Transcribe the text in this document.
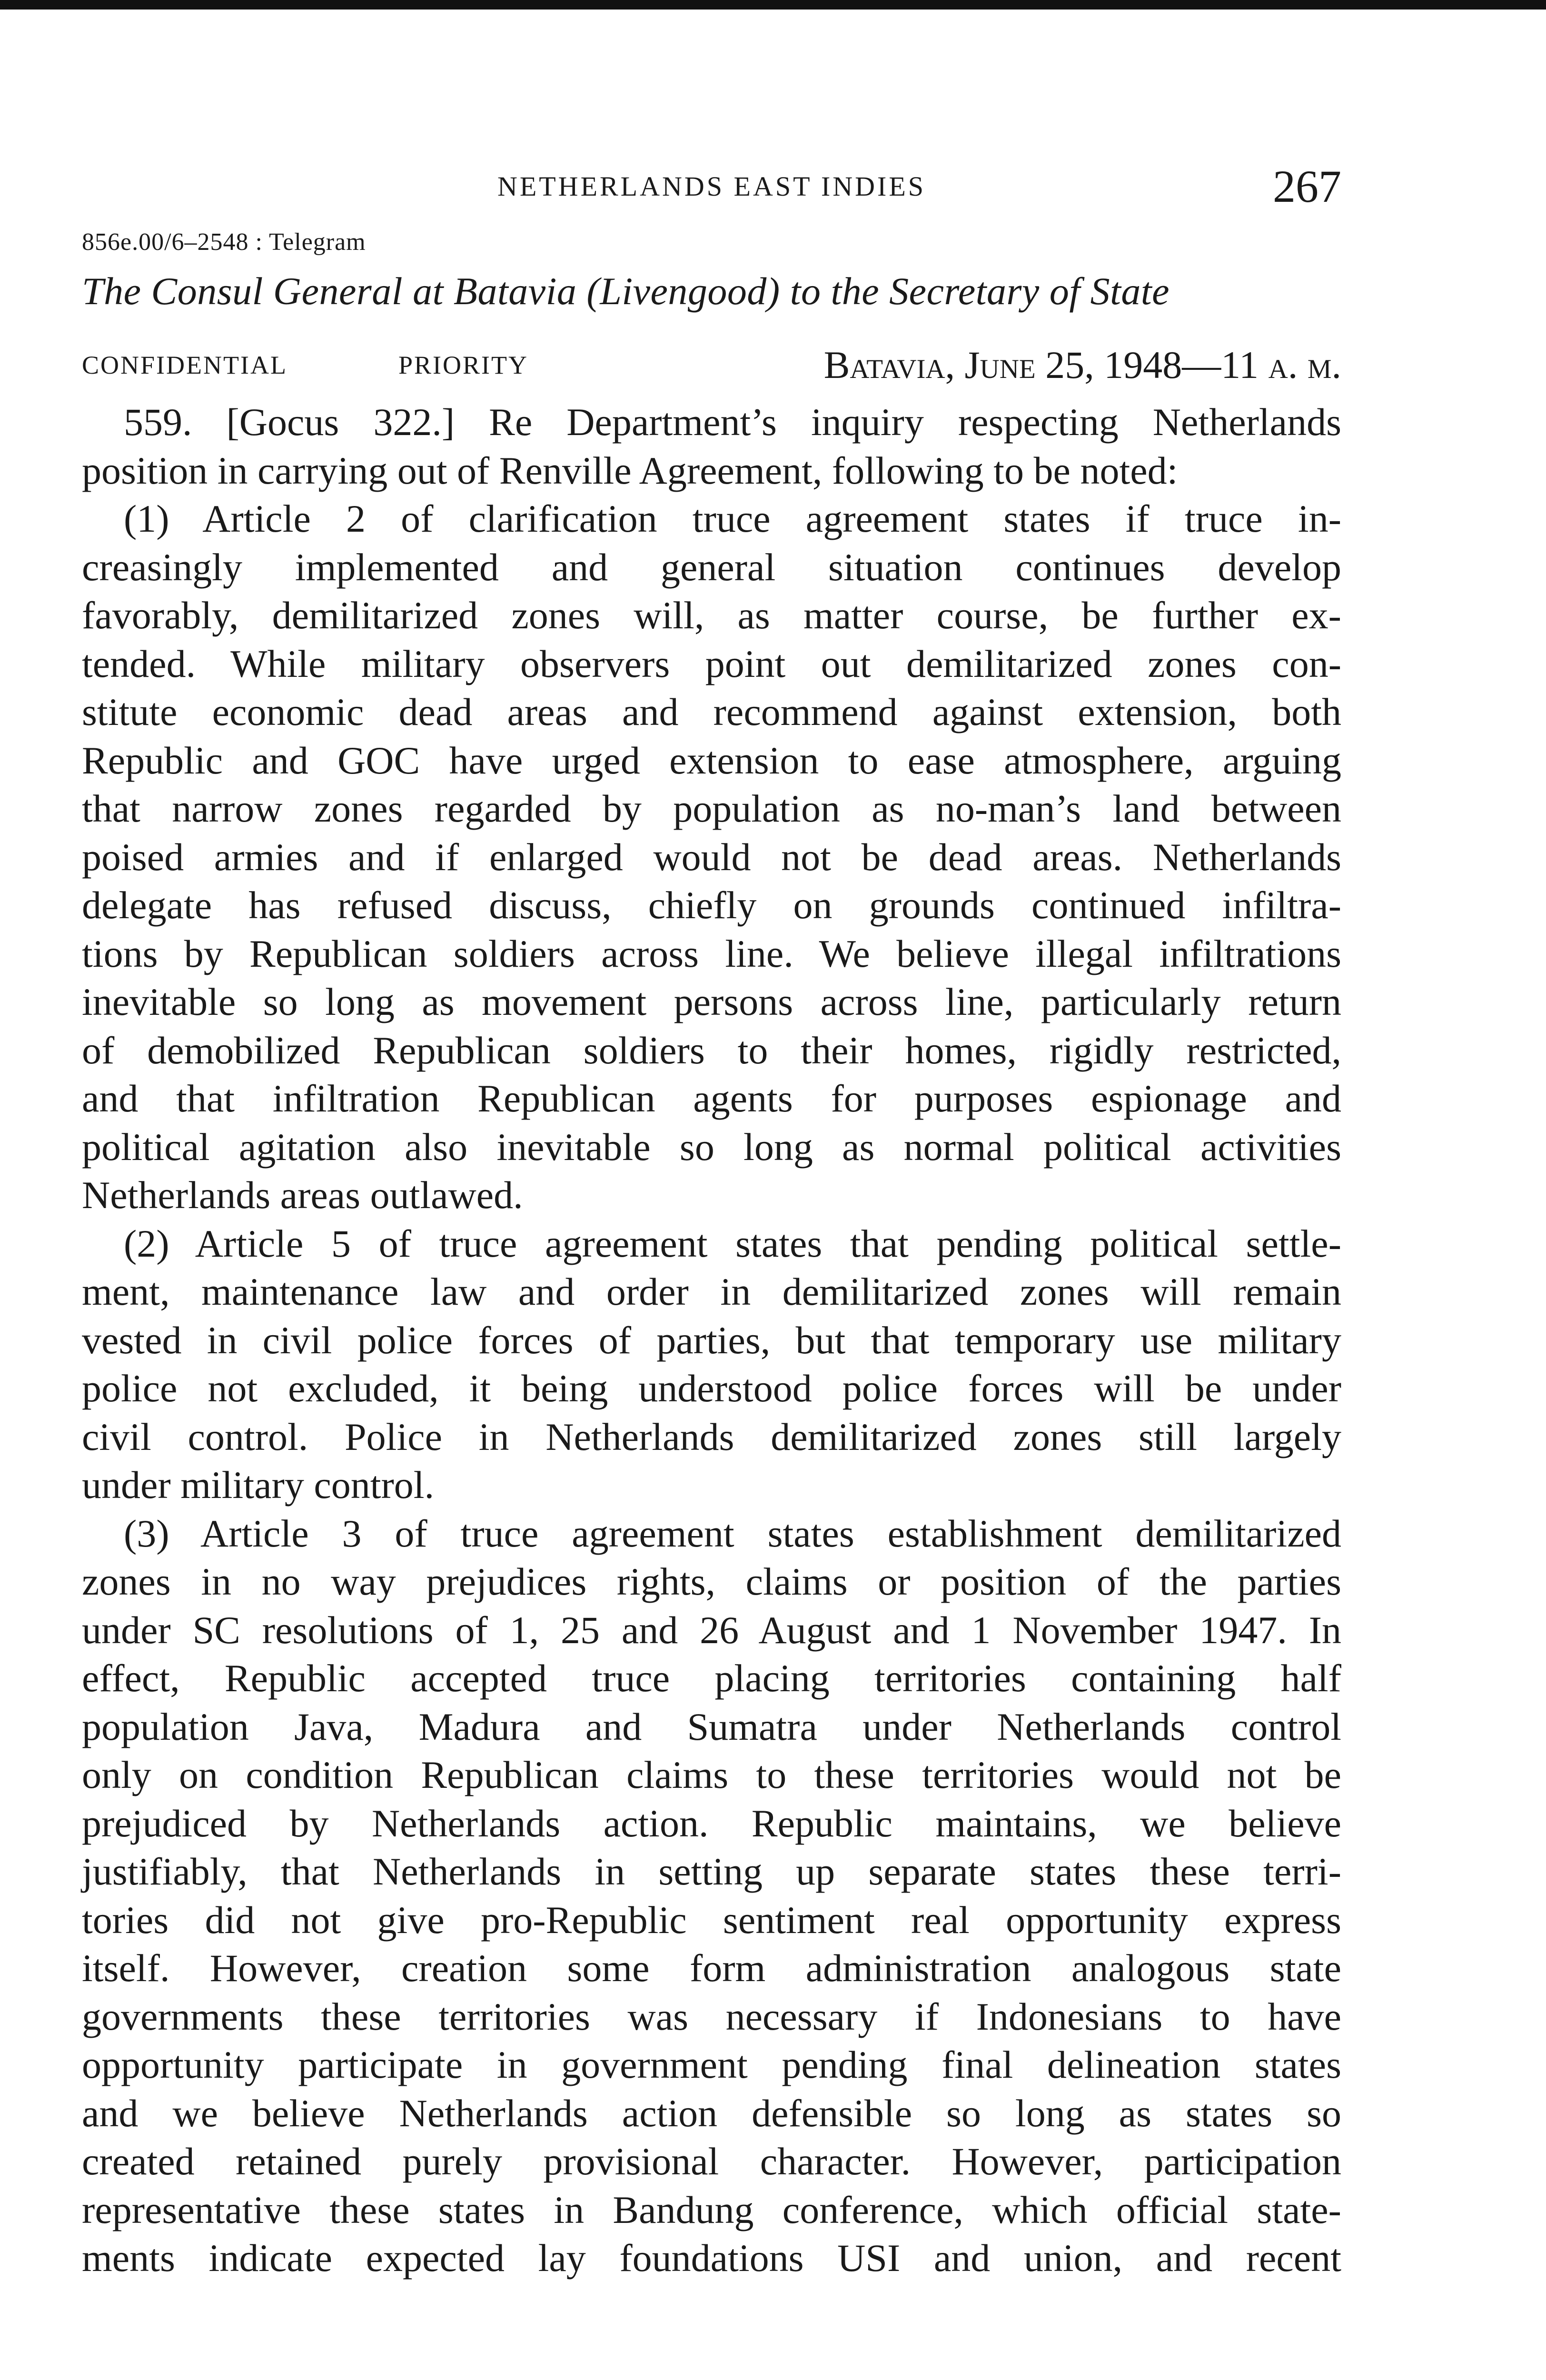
NETHERLANDS EAST INDIES	267
856e.00/6–2548 : Telegram
The Consul General at Batavia (Livengood) to the Secretary of State
CONFIDENTIAL	PRIORITY	Batavia, June 25, 1948—11 a. m.
559. [Gocus 322.] Re Department’s inquiry respecting Netherlands
position in carrying out of Renville Agreement, following to be noted:
(1) Article 2 of clarification truce agreement states if truce in-
creasingly implemented and general situation continues develop
favorably, demilitarized zones will, as matter course, be further ex-
tended. While military observers point out demilitarized zones con-
stitute economic dead areas and recommend against extension, both
Republic and GOC have urged extension to ease atmosphere, arguing
that narrow zones regarded by population as no-man’s land between
poised armies and if enlarged would not be dead areas. Netherlands
delegate has refused discuss, chiefly on grounds continued infiltra-
tions by Republican soldiers across line. We believe illegal infiltrations
inevitable so long as movement persons across line, particularly return
of demobilized Republican soldiers to their homes, rigidly restricted,
and that infiltration Republican agents for purposes espionage and
political agitation also inevitable so long as normal political activities
Netherlands areas outlawed.
(2) Article 5 of truce agreement states that pending political settle-
ment, maintenance law and order in demilitarized zones will remain
vested in civil police forces of parties, but that temporary use military
police not excluded, it being understood police forces will be under
civil control. Police in Netherlands demilitarized zones still largely
under military control.
(3) Article 3 of truce agreement states establishment demilitarized
zones in no way prejudices rights, claims or position of the parties
under SC resolutions of 1, 25 and 26 August and 1 November 1947. In
effect, Republic accepted truce placing territories containing half
population Java, Madura and Sumatra under Netherlands control
only on condition Republican claims to these territories would not be
prejudiced by Netherlands action. Republic maintains, we believe
justifiably, that Netherlands in setting up separate states these terri-
tories did not give pro-Republic sentiment real opportunity express
itself. However, creation some form administration analogous state
governments these territories was necessary if Indonesians to have
opportunity participate in government pending final delineation states
and we believe Netherlands action defensible so long as states so
created retained purely provisional character. However, participation
representative these states in Bandung conference, which official state-
ments indicate expected lay foundations USI and union, and recent
